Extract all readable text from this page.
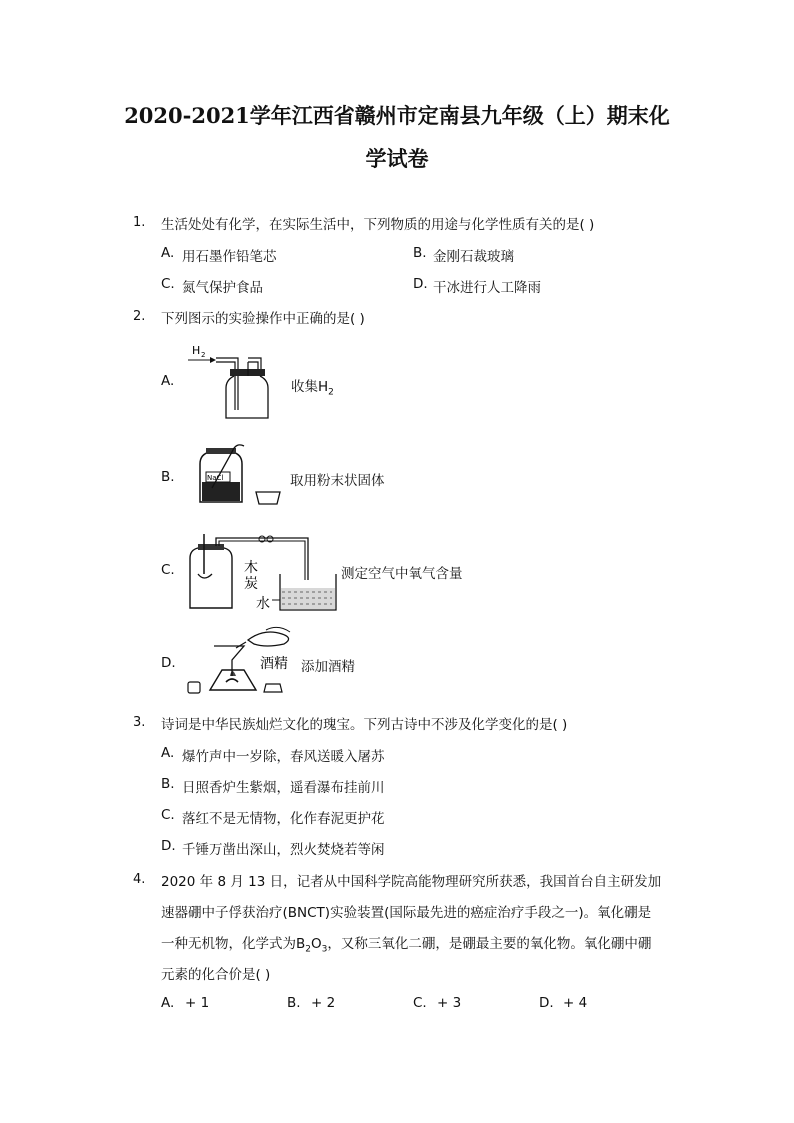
2020-2021学年江西省赣州市定南县九年级（上）期末化
学试卷
1. 生活处处有化学，在实际生活中，下列物质的用途与化学性质有关的是( )
A. 用石墨作铅笔芯	B. 金刚石裁玻璃
C. 氮气保护食品	D. 干冰进行人工降雨
2. 下列图示的实验操作中正确的是( )
A.
H 2
收集$H_2$
B.	NaCl	取用粉末状固体
C.	木
炭
水
测定空气中氧气含量
D.	酒精 添加酒精
3. 诗词是中华民族灿烂文化的瑰宝。下列古诗中不涉及化学变化的是( )
A. 爆竹声中一岁除，春风送暖入屠苏
B. 日照香炉生紫烟，遥看瀑布挂前川
C. 落红不是无情物，化作春泥更护花
D. 千锤万凿出深山，烈火焚烧若等闲
4. 2020 年 8 月 13 日，记者从中国科学院高能物理研究所获悉，我国首台自主研发加
速器硼中子俘获治疗(BNCT)实验装置(国际最先进的癌症治疗手段之一)。氧化硼是
一种无机物，化学式为$B_2O_3$，又称三氧化二硼，是硼最主要的氧化物。氧化硼中硼
元素的化合价是( )
A. + 1	B. + 2	C. + 3	D. + 4
